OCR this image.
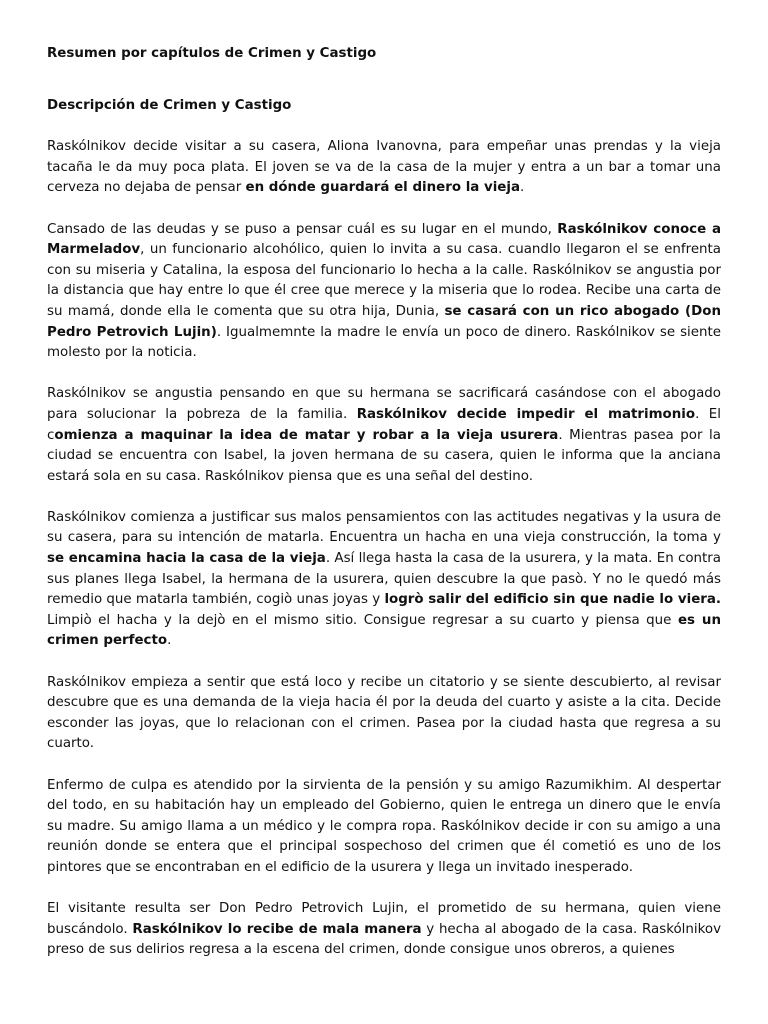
Resumen por capítulos de Crimen y Castigo

Descripción de Crimen y Castigo

Raskólnikov decide visitar a su casera, Aliona Ivanovna, para empeñar unas prendas y la vieja tacaña le da muy poca plata. El joven se va de la casa de la mujer y entra a un bar a tomar una cerveza no dejaba de pensar en dónde guardará el dinero la vieja.

Cansado de las deudas y se puso a pensar cuál es su lugar en el mundo, Raskólnikov conoce a Marmeladov, un funcionario alcohólico, quien lo invita a su casa. cuandlo llegaron el se enfrenta con su miseria y Catalina, la esposa del funcionario lo hecha a la calle. Raskólnikov se angustia por la distancia que hay entre lo que él cree que merece y la miseria que lo rodea. Recibe una carta de su mamá, donde ella le comenta que su otra hija, Dunia, se casará con un rico abogado (Don Pedro Petrovich Lujin). Igualmemnte la madre le envía un poco de dinero. Raskólnikov se siente molesto por la noticia.

Raskólnikov se angustia pensando en que su hermana se sacrificará casándose con el abogado para solucionar la pobreza de la familia. Raskólnikov decide impedir el matrimonio. El comienza a maquinar la idea de matar y robar a la vieja usurera. Mientras pasea por la ciudad se encuentra con Isabel, la joven hermana de su casera, quien le informa que la anciana estará sola en su casa. Raskólnikov piensa que es una señal del destino.

Raskólnikov comienza a justificar sus malos pensamientos con las actitudes negativas y la usura de su casera, para su intención de matarla. Encuentra un hacha en una vieja construcción, la toma y se encamina hacia la casa de la vieja. Así llega hasta la casa de la usurera, y la mata. En contra sus planes llega Isabel, la hermana de la usurera, quien descubre la que pasò. Y no le quedó más remedio que matarla también, cogiò unas joyas y logrò salir del edificio sin que nadie lo viera. Limpiò el hacha y la dejò en el mismo sitio. Consigue regresar a su cuarto y piensa que es un crimen perfecto.

Raskólnikov empieza a sentir que está loco y recibe un citatorio y se siente descubierto, al revisar descubre que es una demanda de la vieja hacia él por la deuda del cuarto y asiste a la cita. Decide esconder las joyas, que lo relacionan con el crimen. Pasea por la ciudad hasta que regresa a su cuarto.

Enfermo de culpa es atendido por la sirvienta de la pensión y su amigo Razumikhim. Al despertar del todo, en su habitación hay un empleado del Gobierno, quien le entrega un dinero que le envía su madre. Su amigo llama a un médico y le compra ropa. Raskólnikov decide ir con su amigo a una reunión donde se entera que el principal sospechoso del crimen que él cometió es uno de los pintores que se encontraban en el edificio de la usurera y llega un invitado inesperado.

El visitante resulta ser Don Pedro Petrovich Lujin, el prometido de su hermana, quien viene buscándolo. Raskólnikov lo recibe de mala manera y hecha al abogado de la casa. Raskólnikov preso de sus delirios regresa a la escena del crimen, donde consigue unos obreros, a quienes
